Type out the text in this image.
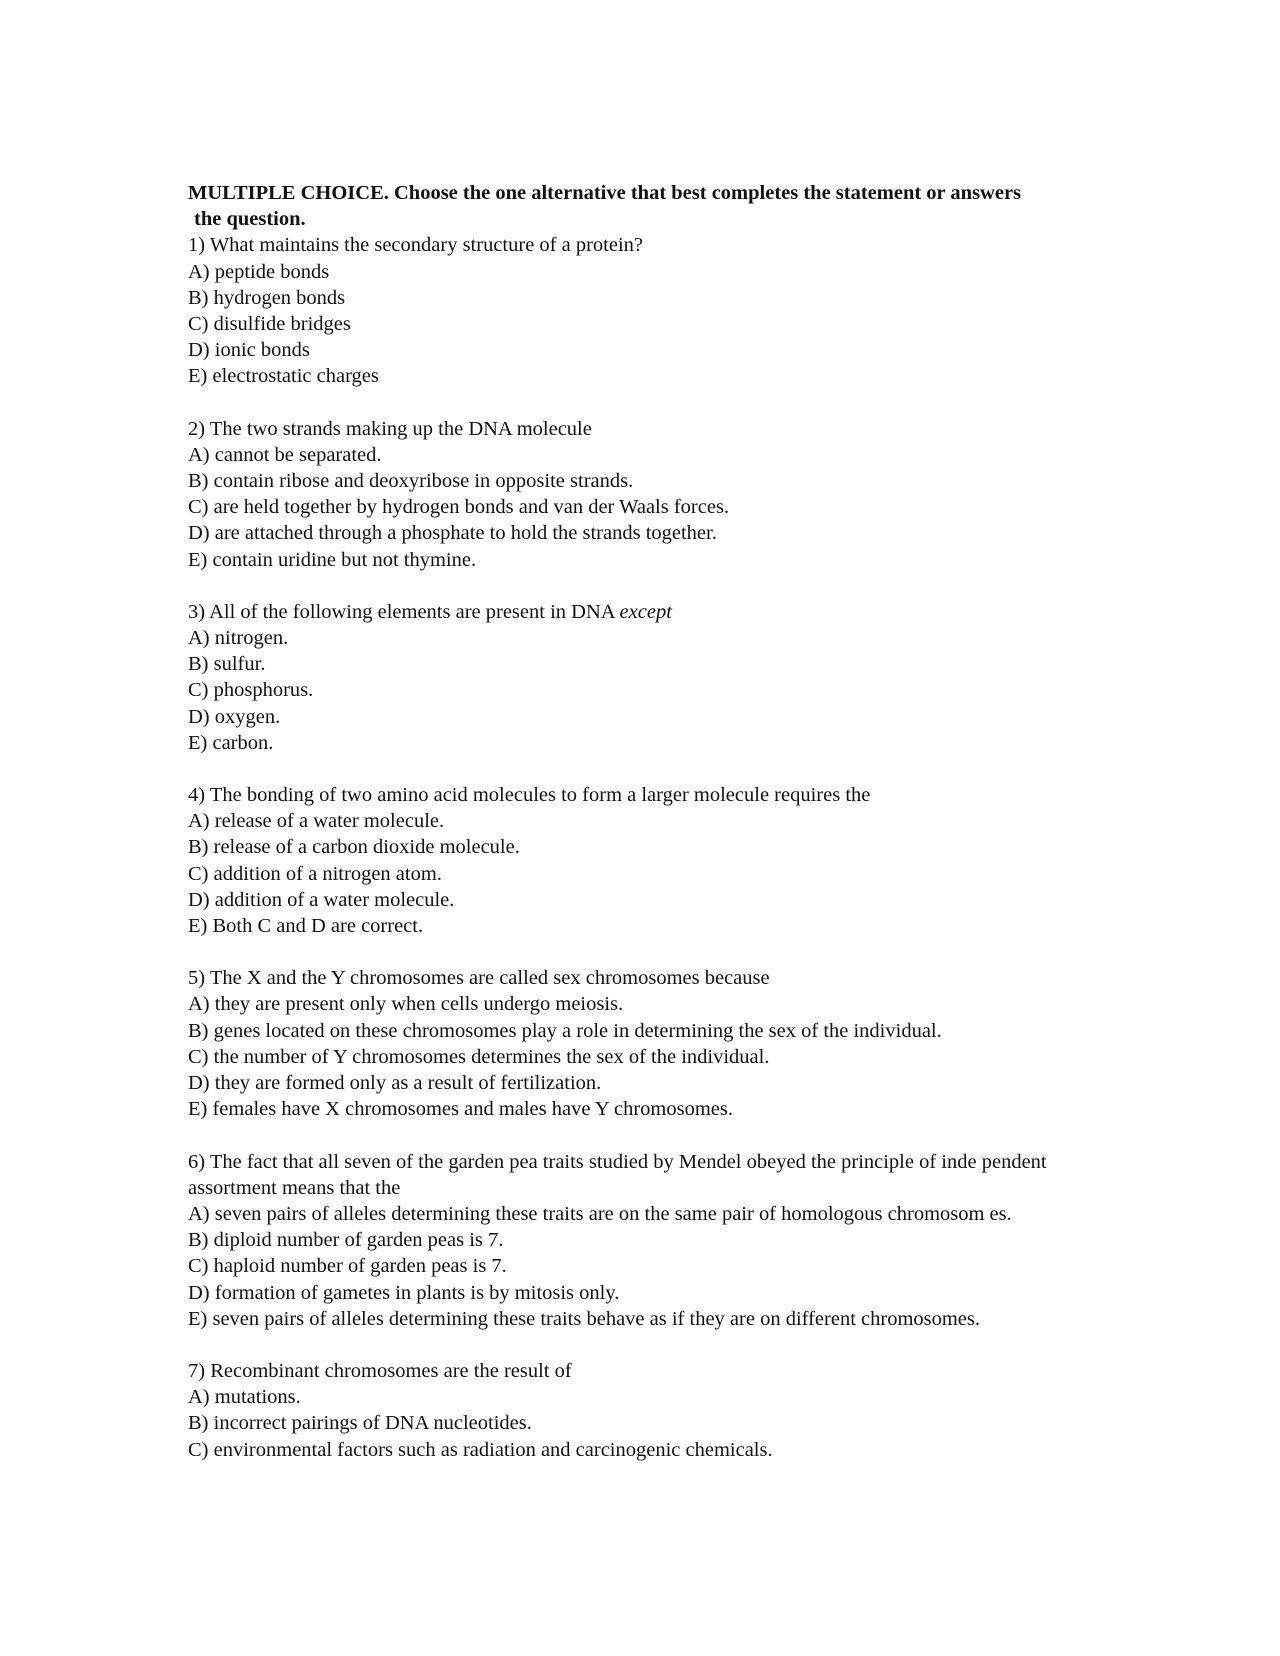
MULTIPLE CHOICE. Choose the one alternative that best completes the statement or answers
the question.

1) What maintains the secondary structure of a protein?

A) peptide bonds

B) hydrogen bonds

C) disulfide bridges

D) ionic bonds

E) electrostatic charges

2) The two strands making up the DNA molecule

A) cannot be separated.

B) contain ribose and deoxyribose in opposite strands.

C) are held together by hydrogen bonds and van der Waals forces.

D) are attached through a phosphate to hold the strands together.

E) contain uridine but not thymine.

3) All of the following elements are present in DNA except

A) nitrogen.

B) sulfur.

C) phosphorus.

D) oxygen.

E) carbon.

4) The bonding of two amino acid molecules to form a larger molecule requires the

A) release of a water molecule.

B) release of a carbon dioxide molecule.

C) addition of a nitrogen atom.

D) addition of a water molecule.

E) Both C and D are correct.

5) The X and the Y chromosomes are called sex chromosomes because

A) they are present only when cells undergo meiosis.

B) genes located on these chromosomes play a role in determining the sex of the individual.

C) the number of Y chromosomes determines the sex of the individual.

D) they are formed only as a result of fertilization.

E) females have X chromosomes and males have Y chromosomes.

6) The fact that all seven of the garden pea traits studied by Mendel obeyed the principle of inde pendent assortment means that the

A) seven pairs of alleles determining these traits are on the same pair of homologous chromosom es.

B) diploid number of garden peas is 7.

C) haploid number of garden peas is 7.

D) formation of gametes in plants is by mitosis only.

E) seven pairs of alleles determining these traits behave as if they are on different chromosomes.

7) Recombinant chromosomes are the result of

A) mutations.

B) incorrect pairings of DNA nucleotides.

C) environmental factors such as radiation and carcinogenic chemicals.
